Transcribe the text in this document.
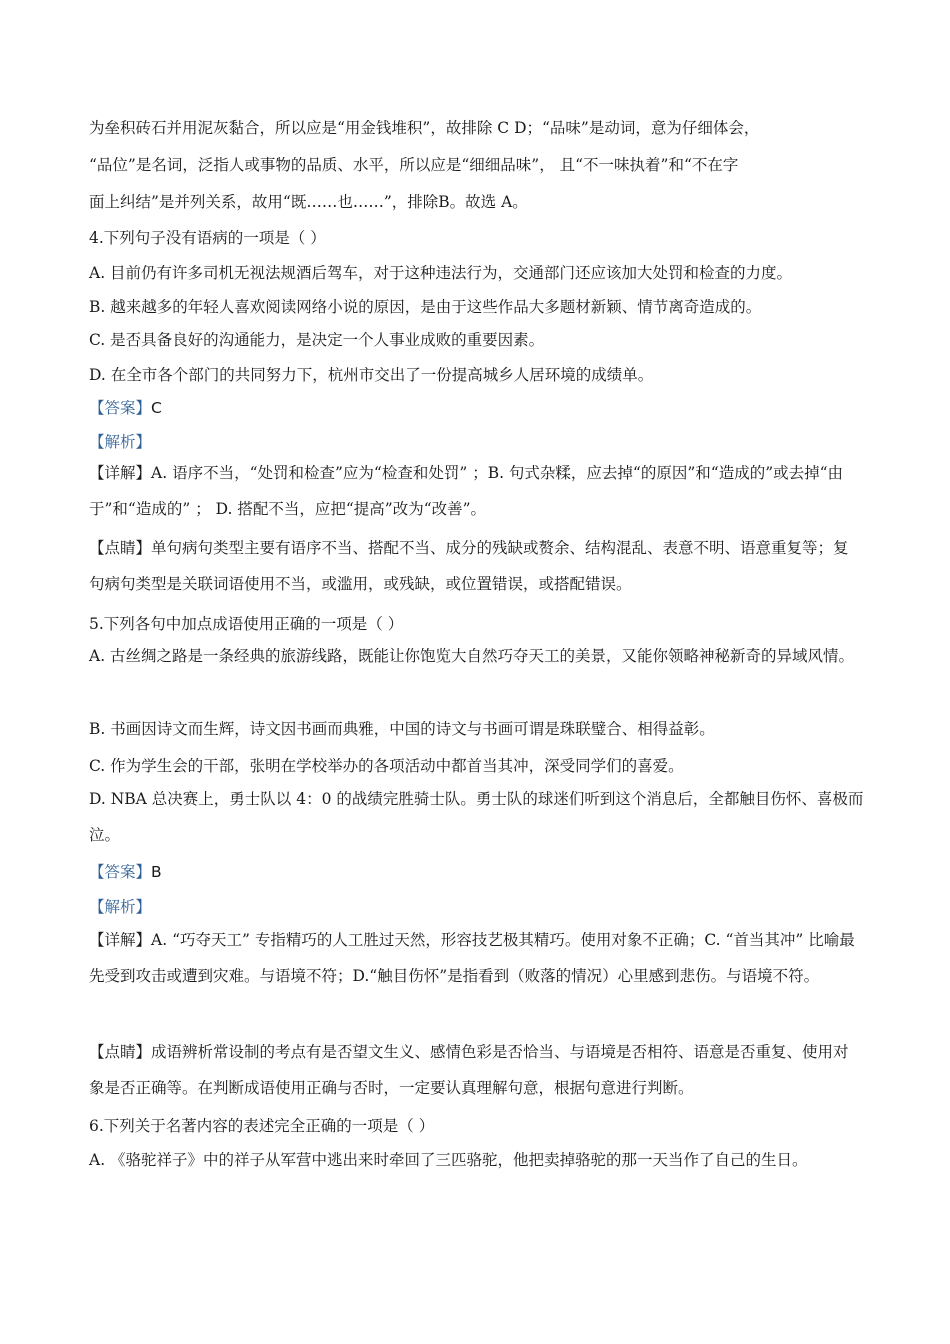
为垒积砖石并用泥灰黏合，所以应是“用金钱堆积”，故排除 C D；“品味”是动词，意为仔细体会，
“品位”是名词，泛指人或事物的品质、水平，所以应是“细细品味”， 且“不一味执着”和“不在字
面上纠结”是并列关系，故用“既……也……”，排除B。故选 A。
4.下列句子没有语病的一项是（ ）
A. 目前仍有许多司机无视法规酒后驾车，对于这种违法行为，交通部门还应该加大处罚和检查的力度。
B. 越来越多的年轻人喜欢阅读网络小说的原因，是由于这些作品大多题材新颖、情节离奇造成的。
C. 是否具备良好的沟通能力，是决定一个人事业成败的重要因素。
D. 在全市各个部门的共同努力下，杭州市交出了一份提高城乡人居环境的成绩单。
【答案】C
【解析】
【详解】A. 语序不当，“处罚和检查”应为“检查和处罚” ；B. 句式杂糅，应去掉“的原因”和“造成的”或去掉“由于”和“造成的” ； D. 搭配不当，应把“提高”改为“改善”。
【点睛】单句病句类型主要有语序不当、搭配不当、成分的残缺或赘余、结构混乱、表意不明、语意重复等；复句病句类型是关联词语使用不当，或滥用，或残缺，或位置错误，或搭配错误。
5.下列各句中加点成语使用正确的一项是（ ）
A. 古丝绸之路是一条经典的旅游线路，既能让你饱览大自然巧夺天工的美景，又能你领略神秘新奇的异域风情。
B. 书画因诗文而生辉，诗文因书画而典雅，中国的诗文与书画可谓是珠联璧合、相得益彰。
C. 作为学生会的干部，张明在学校举办的各项活动中都首当其冲，深受同学们的喜爱。
D. NBA 总决赛上，勇士队以 4：0 的战绩完胜骑士队。勇士队的球迷们听到这个消息后，全都触目伤怀、喜极而泣。
【答案】B
【解析】
【详解】A. “巧夺天工” 专指精巧的人工胜过天然，形容技艺极其精巧。使用对象不正确；C. “首当其冲” 比喻最先受到攻击或遭到灾难。与语境不符；D.“触目伤怀”是指看到（败落的情况）心里感到悲伤。与语境不符。
【点睛】成语辨析常设制的考点有是否望文生义、感情色彩是否恰当、与语境是否相符、语意是否重复、使用对象是否正确等。在判断成语使用正确与否时，一定要认真理解句意，根据句意进行判断。
6.下列关于名著内容的表述完全正确的一项是（ ）
A. 《骆驼祥子》中的祥子从军营中逃出来时牵回了三匹骆驼，他把卖掉骆驼的那一天当作了自己的生日。
